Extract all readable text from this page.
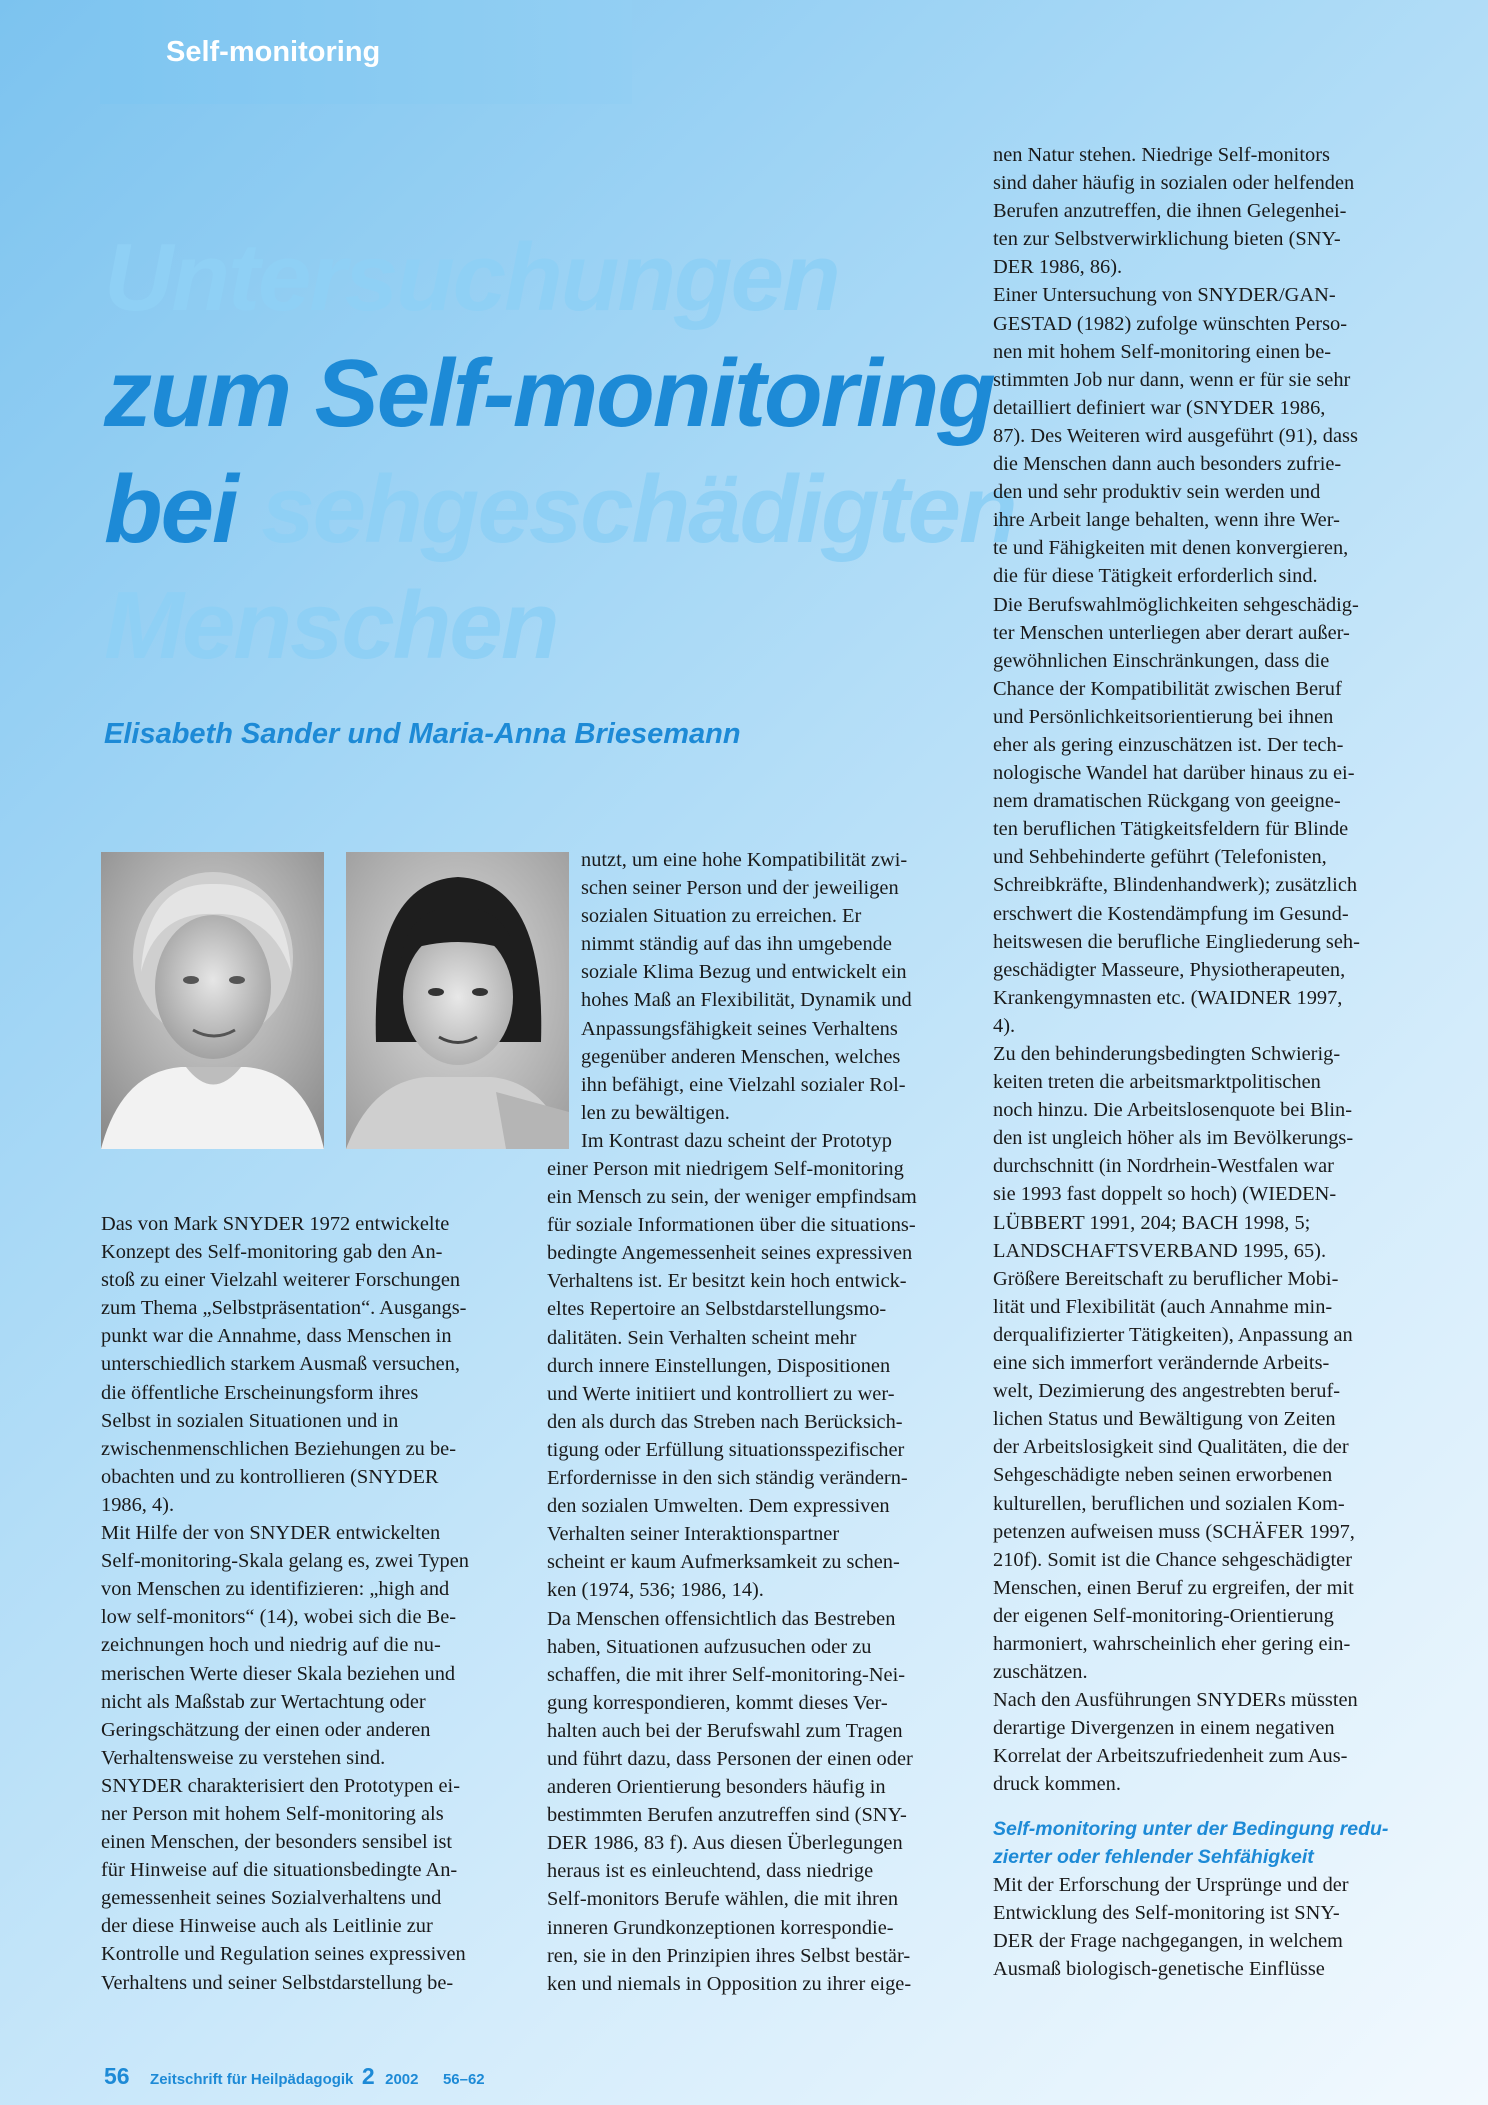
Self-monitoring
Untersuchungen
zum Self-monitoring
bei sehgeschädigten
Menschen
Elisabeth Sander und Maria-Anna Briesemann
Das von Mark SNYDER 1972 entwickelte
Konzept des Self-monitoring gab den An-
stoß zu einer Vielzahl weiterer Forschungen
zum Thema „Selbstpräsentation“. Ausgangs-
punkt war die Annahme, dass Menschen in
unterschiedlich starkem Ausmaß versuchen,
die öffentliche Erscheinungsform ihres
Selbst in sozialen Situationen und in
zwischenmenschlichen Beziehungen zu be-
obachten und zu kontrollieren (SNYDER
1986, 4).
Mit Hilfe der von SNYDER entwickelten
Self-monitoring-Skala gelang es, zwei Typen
von Menschen zu identifizieren: „high and
low self-monitors“ (14), wobei sich die Be-
zeichnungen hoch und niedrig auf die nu-
merischen Werte dieser Skala beziehen und
nicht als Maßstab zur Wertachtung oder
Geringschätzung der einen oder anderen
Verhaltensweise zu verstehen sind.
SNYDER charakterisiert den Prototypen ei-
ner Person mit hohem Self-monitoring als
einen Menschen, der besonders sensibel ist
für Hinweise auf die situationsbedingte An-
gemessenheit seines Sozialverhaltens und
der diese Hinweise auch als Leitlinie zur
Kontrolle und Regulation seines expressiven
Verhaltens und seiner Selbstdarstellung be-
nutzt, um eine hohe Kompatibilität zwi-
schen seiner Person und der jeweiligen
sozialen Situation zu erreichen. Er
nimmt ständig auf das ihn umgebende
soziale Klima Bezug und entwickelt ein
hohes Maß an Flexibilität, Dynamik und
Anpassungsfähigkeit seines Verhaltens
gegenüber anderen Menschen, welches
ihn befähigt, eine Vielzahl sozialer Rol-
len zu bewältigen.
Im Kontrast dazu scheint der Prototyp
einer Person mit niedrigem Self-monitoring
ein Mensch zu sein, der weniger empfindsam
für soziale Informationen über die situations-
bedingte Angemessenheit seines expressiven
Verhaltens ist. Er besitzt kein hoch entwick-
eltes Repertoire an Selbstdarstellungsmo-
dalitäten. Sein Verhalten scheint mehr
durch innere Einstellungen, Dispositionen
und Werte initiiert und kontrolliert zu wer-
den als durch das Streben nach Berücksich-
tigung oder Erfüllung situationsspezifischer
Erfordernisse in den sich ständig verändern-
den sozialen Umwelten. Dem expressiven
Verhalten seiner Interaktionspartner
scheint er kaum Aufmerksamkeit zu schen-
ken (1974, 536; 1986, 14).
Da Menschen offensichtlich das Bestreben
haben, Situationen aufzusuchen oder zu
schaffen, die mit ihrer Self-monitoring-Nei-
gung korrespondieren, kommt dieses Ver-
halten auch bei der Berufswahl zum Tragen
und führt dazu, dass Personen der einen oder
anderen Orientierung besonders häufig in
bestimmten Berufen anzutreffen sind (SNY-
DER 1986, 83 f). Aus diesen Überlegungen
heraus ist es einleuchtend, dass niedrige
Self-monitors Berufe wählen, die mit ihren
inneren Grundkonzeptionen korrespondie-
ren, sie in den Prinzipien ihres Selbst bestär-
ken und niemals in Opposition zu ihrer eige-
nen Natur stehen. Niedrige Self-monitors
sind daher häufig in sozialen oder helfenden
Berufen anzutreffen, die ihnen Gelegenhei-
ten zur Selbstverwirklichung bieten (SNY-
DER 1986, 86).
Einer Untersuchung von SNYDER/GAN-
GESTAD (1982) zufolge wünschten Perso-
nen mit hohem Self-monitoring einen be-
stimmten Job nur dann, wenn er für sie sehr
detailliert definiert war (SNYDER 1986,
87). Des Weiteren wird ausgeführt (91), dass
die Menschen dann auch besonders zufrie-
den und sehr produktiv sein werden und
ihre Arbeit lange behalten, wenn ihre Wer-
te und Fähigkeiten mit denen konvergieren,
die für diese Tätigkeit erforderlich sind.
Die Berufswahlmöglichkeiten sehgeschädig-
ter Menschen unterliegen aber derart außer-
gewöhnlichen Einschränkungen, dass die
Chance der Kompatibilität zwischen Beruf
und Persönlichkeitsorientierung bei ihnen
eher als gering einzuschätzen ist. Der tech-
nologische Wandel hat darüber hinaus zu ei-
nem dramatischen Rückgang von geeigne-
ten beruflichen Tätigkeitsfeldern für Blinde
und Sehbehinderte geführt (Telefonisten,
Schreibkräfte, Blindenhandwerk); zusätzlich
erschwert die Kostendämpfung im Gesund-
heitswesen die berufliche Eingliederung seh-
geschädigter Masseure, Physiotherapeuten,
Krankengymnasten etc. (WAIDNER 1997,
4).
Zu den behinderungsbedingten Schwierig-
keiten treten die arbeitsmarktpolitischen
noch hinzu. Die Arbeitslosenquote bei Blin-
den ist ungleich höher als im Bevölkerungs-
durchschnitt (in Nordrhein-Westfalen war
sie 1993 fast doppelt so hoch) (WIEDEN-
LÜBBERT 1991, 204; BACH 1998, 5;
LANDSCHAFTSVERBAND 1995, 65).
Größere Bereitschaft zu beruflicher Mobi-
lität und Flexibilität (auch Annahme min-
derqualifizierter Tätigkeiten), Anpassung an
eine sich immerfort verändernde Arbeits-
welt, Dezimierung des angestrebten beruf-
lichen Status und Bewältigung von Zeiten
der Arbeitslosigkeit sind Qualitäten, die der
Sehgeschädigte neben seinen erworbenen
kulturellen, beruflichen und sozialen Kom-
petenzen aufweisen muss (SCHÄFER 1997,
210f). Somit ist die Chance sehgeschädigter
Menschen, einen Beruf zu ergreifen, der mit
der eigenen Self-monitoring-Orientierung
harmoniert, wahrscheinlich eher gering ein-
zuschätzen.
Nach den Ausführungen SNYDERs müssten
derartige Divergenzen in einem negativen
Korrelat der Arbeitszufriedenheit zum Aus-
druck kommen.
Self-monitoring unter der Bedingung redu-
zierter oder fehlender Sehfähigkeit
Mit der Erforschung der Ursprünge und der
Entwicklung des Self-monitoring ist SNY-
DER der Frage nachgegangen, in welchem
Ausmaß biologisch-genetische Einflüsse
56 Zeitschrift für Heilpädagogik 2 2002 56–62
